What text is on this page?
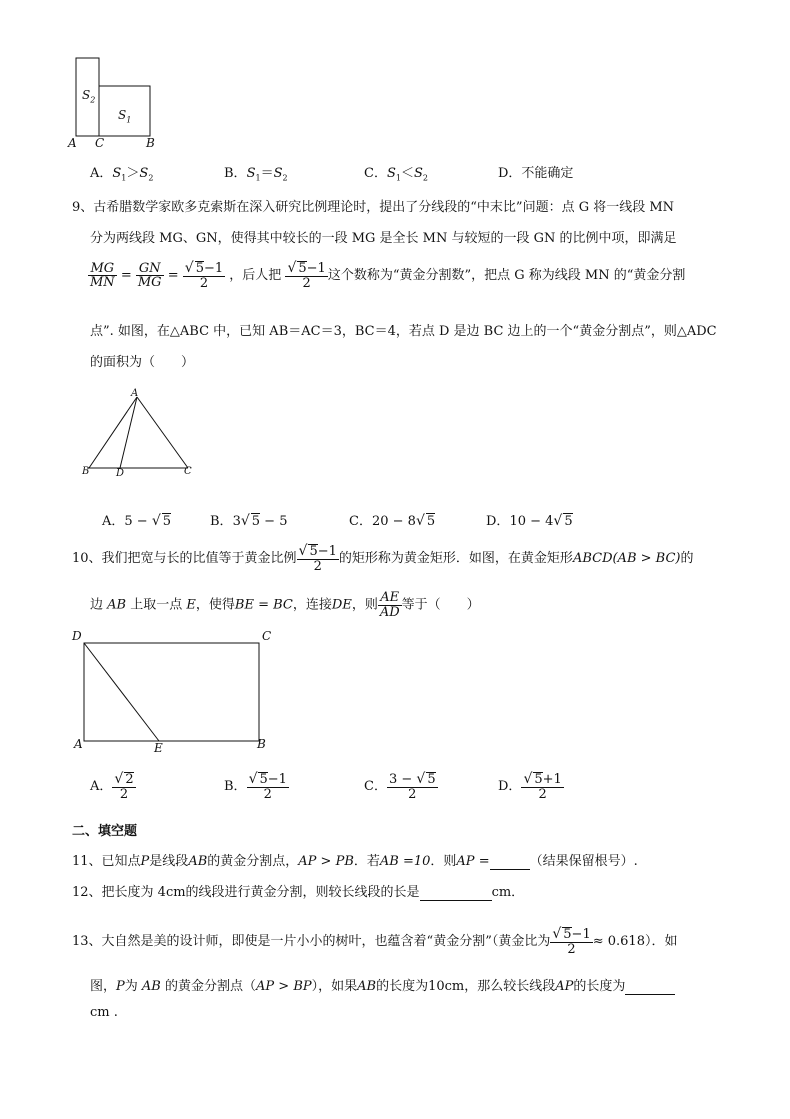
$S_2$
$S_1$
A C	B
A．$S_1>S_2$	B．$S_1=S_2$	C．$S_1<S_2$	D．不能确定
9、古希腊数学家欧多克索斯在深入研究比例理论时，提出了分线段的“中末比”问题：点 G 将一线段 MN
分为两线段 MG、GN，使得其中较长的一段 MG 是全长 MN 与较短的一段 GN 的比例中项，即满足
$\frac{MG}{MN} = \frac{GN}{MG} = \frac{√ 5-1}{2}$ ，后人把 $\frac{√ 5-1}{2}$ 这个数称为“黄金分割数”，把点 G 称为线段 MN 的“黄金分割
点”. 如图，在△ABC 中，已知 AB＝AC＝3，BC＝4，若点 D 是边 BC 边上的一个“黄金分割点”，则△ADC
的面积为（　　）
A
B	D	C
A．5 − √ 5	B．3√ 5 − 5	C．20 − 8√ 5	D．10 − 4√ 5
10、我们把宽与长的比值等于黄金比例 $\frac{√ 5-1}{2}$ 的矩形称为黄金矩形．如图，在黄金矩形ABCD(AB > BC)的
边 AB 上取一点 E，使得BE = BC，连接DE，则 $\frac{AE}{AD}$ 等于（　　）
D	C
A	E	B
A． $\frac{√ 2}{2}$	B． $\frac{√ 5-1}{2}$	C． $\frac{3 - √ 5}{2}$	D． $\frac{√ 5+1}{2}$
二、填空题
11、已知点P是线段AB的黄金分割点，AP > PB．若AB =10．则AP =	（结果保留根号）.
12、把长度为 4cm的线段进行黄金分割，则较长线段的长是	cm．
13、大自然是美的设计师，即使是一片小小的树叶，也蕴含着“黄金分割”（黄金比为 $\frac{√ 5-1}{2} \approx 0.618$）．如
图，P为 AB 的黄金分割点（AP > BP），如果AB的长度为10cm，那么较长线段AP的长度为
cm .
